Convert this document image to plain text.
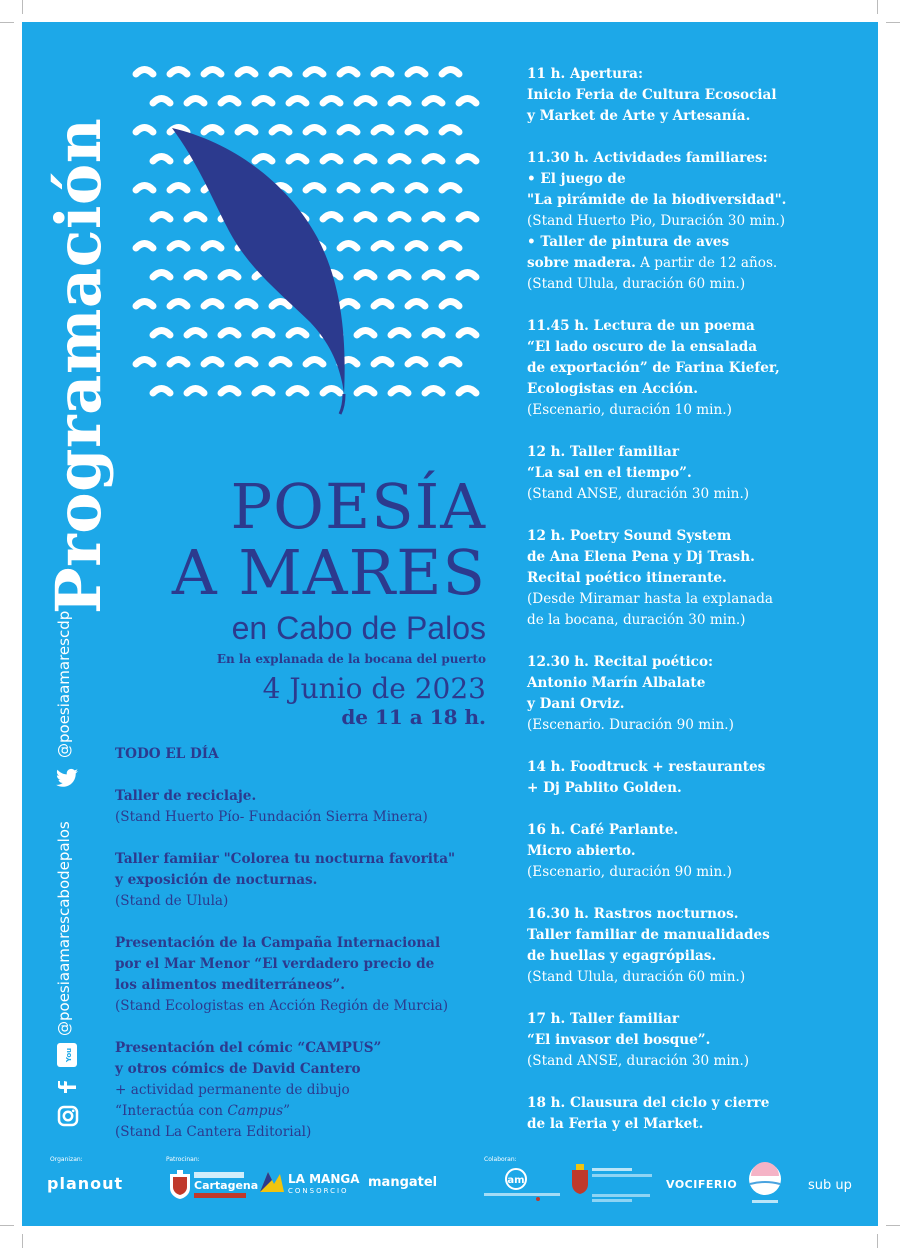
Programación
@poesiaamarescdp
@poesiaamarescabodepalos
You
POESÍA
A MARES
en Cabo de Palos
En la explanada de la bocana del puerto
4 Junio de 2023
de 11 a 18 h.
TODO EL DÍA
Taller de reciclaje.
(Stand Huerto Pío- Fundación Sierra Minera)
Taller famiiar "Colorea tu nocturna favorita"
y exposición de nocturnas.
(Stand de Ulula)
Presentación de la Campaña Internacional
por el Mar Menor “El verdadero precio de
los alimentos mediterráneos”.
(Stand Ecologistas en Acción Región de Murcia)
Presentación del cómic “CAMPUS”
y otros cómics de David Cantero
+ actividad permanente de dibujo
“Interactúa con Campus”
(Stand La Cantera Editorial)
11 h. Apertura:
Inicio Feria de Cultura Ecosocial
y Market de Arte y Artesanía.
11.30 h. Actividades familiares:
• El juego de
"La pirámide de la biodiversidad".
(Stand Huerto Pio, Duración 30 min.)
• Taller de pintura de aves
sobre madera. A partir de 12 años.
(Stand Ulula, duración 60 min.)
11.45 h. Lectura de un poema
“El lado oscuro de la ensalada
de exportación” de Farina Kiefer,
Ecologistas en Acción.
(Escenario, duración 10 min.)
12 h. Taller familiar
“La sal en el tiempo”.
(Stand ANSE, duración 30 min.)
12 h. Poetry Sound System
de Ana Elena Pena y Dj Trash.
Recital poético itinerante.
(Desde Miramar hasta la explanada
de la bocana, duración 30 min.)
12.30 h. Recital poético:
Antonio Marín Albalate
y Dani Orviz.
(Escenario. Duración 90 min.)
14 h. Foodtruck + restaurantes
+ Dj Pablito Golden.
16 h. Café Parlante.
Micro abierto.
(Escenario, duración 90 min.)
16.30 h. Rastros nocturnos.
Taller familiar de manualidades
de huellas y egagrópilas.
(Stand Ulula, duración 60 min.)
17 h. Taller familiar
“El invasor del bosque”.
(Stand ANSE, duración 30 min.)
18 h. Clausura del ciclo y cierre
de la Feria y el Market.
Organizan:	Patrocinan:	Colaboran:
planout	Cartagena LA MANGA
CONSORCIO
mangatel	am	VOCIFERIO	sub up
